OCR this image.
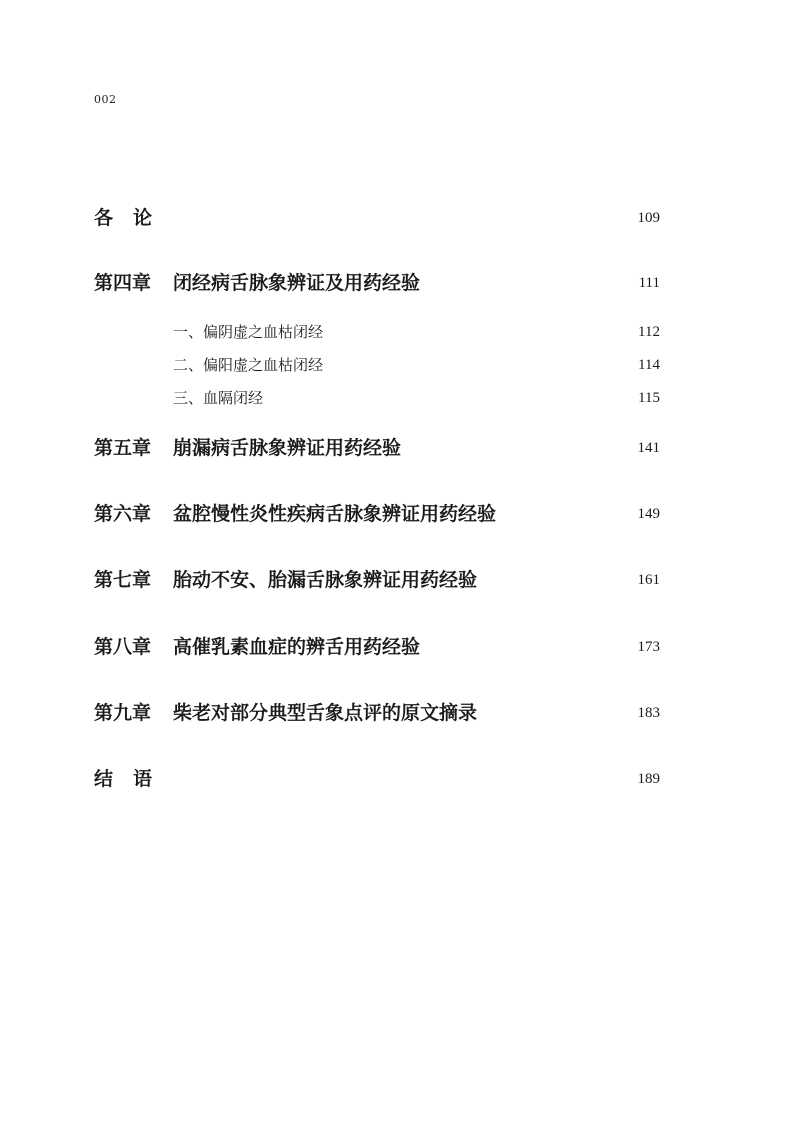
002
各论	109
第四章 闭经病舌脉象辨证及用药经验	111
一、偏阴虚之血枯闭经	112
二、偏阳虚之血枯闭经	114
三、血隔闭经	115
第五章 崩漏病舌脉象辨证用药经验	141
第六章 盆腔慢性炎性疾病舌脉象辨证用药经验	149
第七章 胎动不安、胎漏舌脉象辨证用药经验	161
第八章 高催乳素血症的辨舌用药经验	173
第九章 柴老对部分典型舌象点评的原文摘录	183
结语	189
